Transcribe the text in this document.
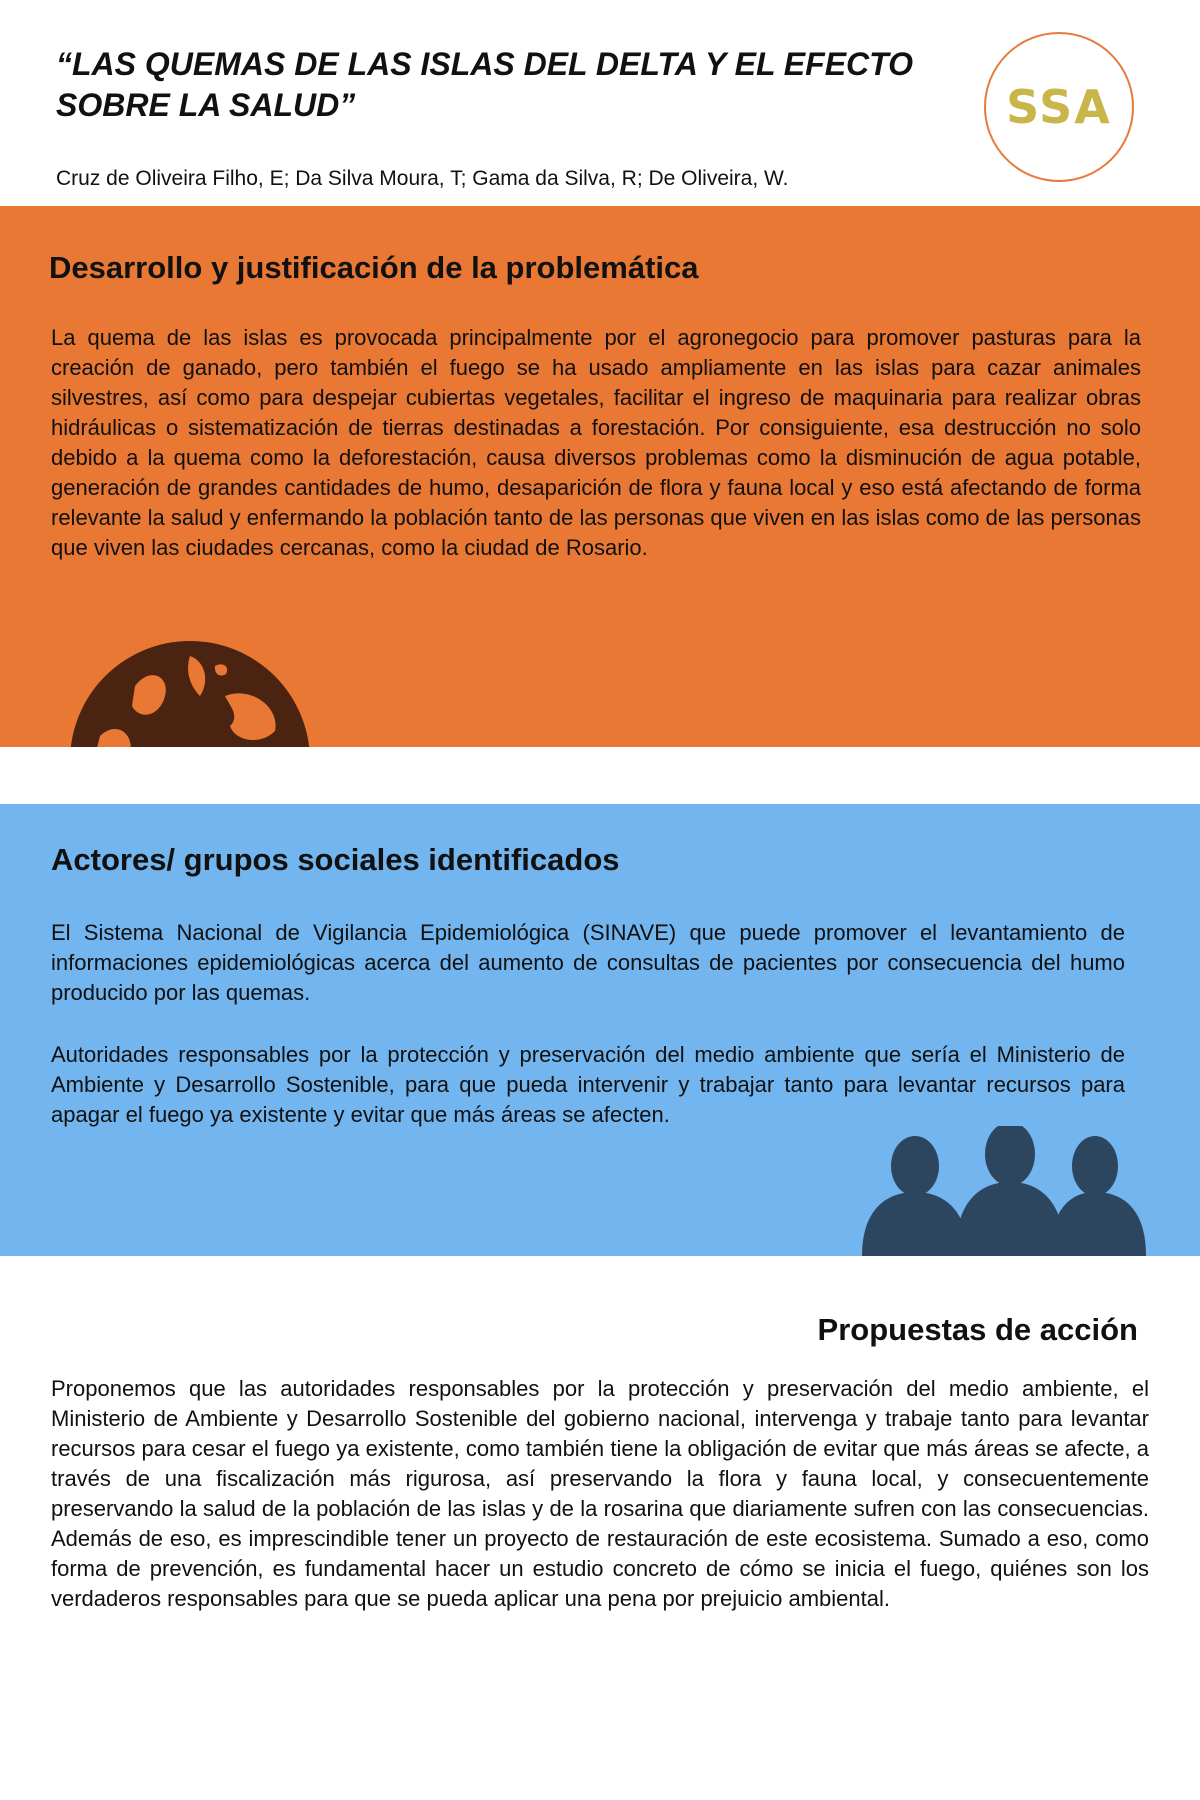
“LAS QUEMAS DE LAS ISLAS DEL DELTA Y EL EFECTO SOBRE LA SALUD”

Cruz de Oliveira Filho, E; Da Silva Moura, T; Gama da Silva, R; De Oliveira, W.

SSA
Desarrollo y justificación de la problemática

La quema de las islas es provocada principalmente por el agronegocio para promover pasturas para la creación de ganado, pero también el fuego se ha usado ampliamente en las islas para cazar animales silvestres, así como para despejar cubiertas vegetales, facilitar el ingreso de maquinaria para realizar obras hidráulicas o sistematización de tierras destinadas a forestación. Por consiguiente, esa destrucción no solo debido a la quema como la deforestación, causa diversos problemas como la disminución de agua potable, generación de grandes cantidades de humo, desaparición de flora y fauna local y eso está afectando de forma relevante la salud y enfermando la población tanto de las personas que viven en las islas como de las personas que viven las ciudades cercanas, como la ciudad de Rosario.

Actores/ grupos sociales identificados

El Sistema Nacional de Vigilancia Epidemiológica (SINAVE) que puede promover el levantamiento de informaciones epidemiológicas acerca del aumento de consultas de pacientes por consecuencia del humo producido por las quemas.

Autoridades responsables por la protección y preservación del medio ambiente que sería el Ministerio de Ambiente y Desarrollo Sostenible, para que pueda intervenir y trabajar tanto para levantar recursos para apagar el fuego ya existente y evitar que más áreas se afecten.

Propuestas de acción

Proponemos que las autoridades responsables por la protección y preservación del medio ambiente, el Ministerio de Ambiente y Desarrollo Sostenible del gobierno nacional, intervenga y trabaje tanto para levantar recursos para cesar el fuego ya existente, como también tiene la obligación de evitar que más áreas se afecte, a través de una fiscalización más rigurosa, así preservando la flora y fauna local, y consecuentemente preservando la salud de la población de las islas y de la rosarina que diariamente sufren con las consecuencias. Además de eso, es imprescindible tener un proyecto de restauración de este ecosistema. Sumado a eso, como forma de prevención, es fundamental hacer un estudio concreto de cómo se inicia el fuego, quiénes son los verdaderos responsables para que se pueda aplicar una pena por prejuicio ambiental.
